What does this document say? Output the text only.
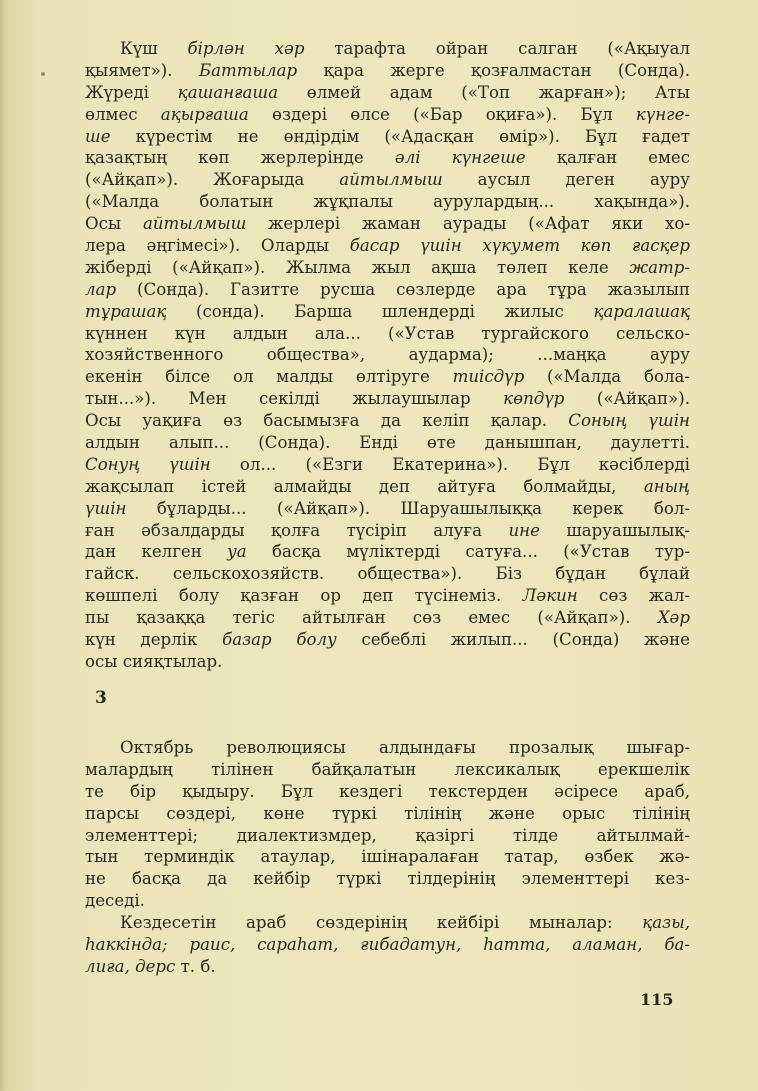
Күш бірлән хәр тарафта ойран салган («Ақыуал
қыямет»). Баттылар қара жерге қозғалмастан (Сонда).
Жүреді қашанғаша өлмей адам («Топ жарған»); Аты
өлмес ақырғаша өздері өлсе («Бар оқиға»). Бұл күнге-
ше күрестім не өндірдім («Адасқан өмір»). Бұл ғадет
қазақтың көп жерлерінде әлі күнгеше қалған емес
(«Айқап»). Жоғарыда айтылмыш аусыл деген ауру
(«Малда болатын жұқпалы аурулардың... хақында»).
Осы айтылмыш жерлері жаман аурады («Афат яки хо-
лера әңгімесі»). Оларды басар үшін хүкумет көп ғасқер
жіберді («Айқап»). Жылма жыл ақша төлеп келе жатр-
лар (Сонда). Газитте русша сөзлерде ара тұра жазылып
тұрашақ (сонда). Барша шлендерді жилыс қаралашақ
күннен күн алдын ала... («Устав тургайского сельско-
хозяйственного общества», аударма); ...маңқа ауру
екенін білсе ол малды өлтіруге тиісдүр («Малда бола-
тын...»). Мен секілді жылаушылар көпдүр («Айқап»).
Осы уақиға өз басымызға да келіп қалар. Соның үшін
алдын алып... (Сонда). Енді өте данышпан, даулетті.
Сонуң үшін ол... («Езги Екатерина»). Бұл кәсіблерді
жақсылап істей алмайды деп айтуға болмайды, аның
үшін бұларды... («Айқап»). Шаруашылыққа керек бол-
ған әбзалдарды қолға түсіріп алуға ине шаруашылық-
дан келген уа басқа мүліктерді сатуға... («Устав тур-
гайск. сельскохозяйств. общества»). Біз бұдан бұлай
көшпелі болу қазған ор деп түсінеміз. Лəкин сөз жал-
пы қазаққа тегіс айтылған сөз емес («Айқап»). Хәр
күн дерлік базар болу себеблі жилып... (Сонда) және
осы сияқтылар.
3
Октябрь революциясы алдындағы прозалық шығар-
малардың тілінен байқалатын лексикалық ерекшелік
те бір қыдыру. Бұл кездегі текстерден әсіресе араб,
парсы сөздері, көне түркі тілінің және орыс тілінің
элементтері; диалектизмдер, қазіргі тілде айтылмай-
тын терминдік атаулар, ішінаралаған татар, өзбек жә-
не басқа да кейбір түркі тілдерінің элементтері кез-
деседі.
Кездесетін араб сөздерінің кейбірі мыналар: қазы,
һаккінда; раис, сараһат, ғибадатун, һатта, аламан, ба-
лиға, дерс т. б.
115
